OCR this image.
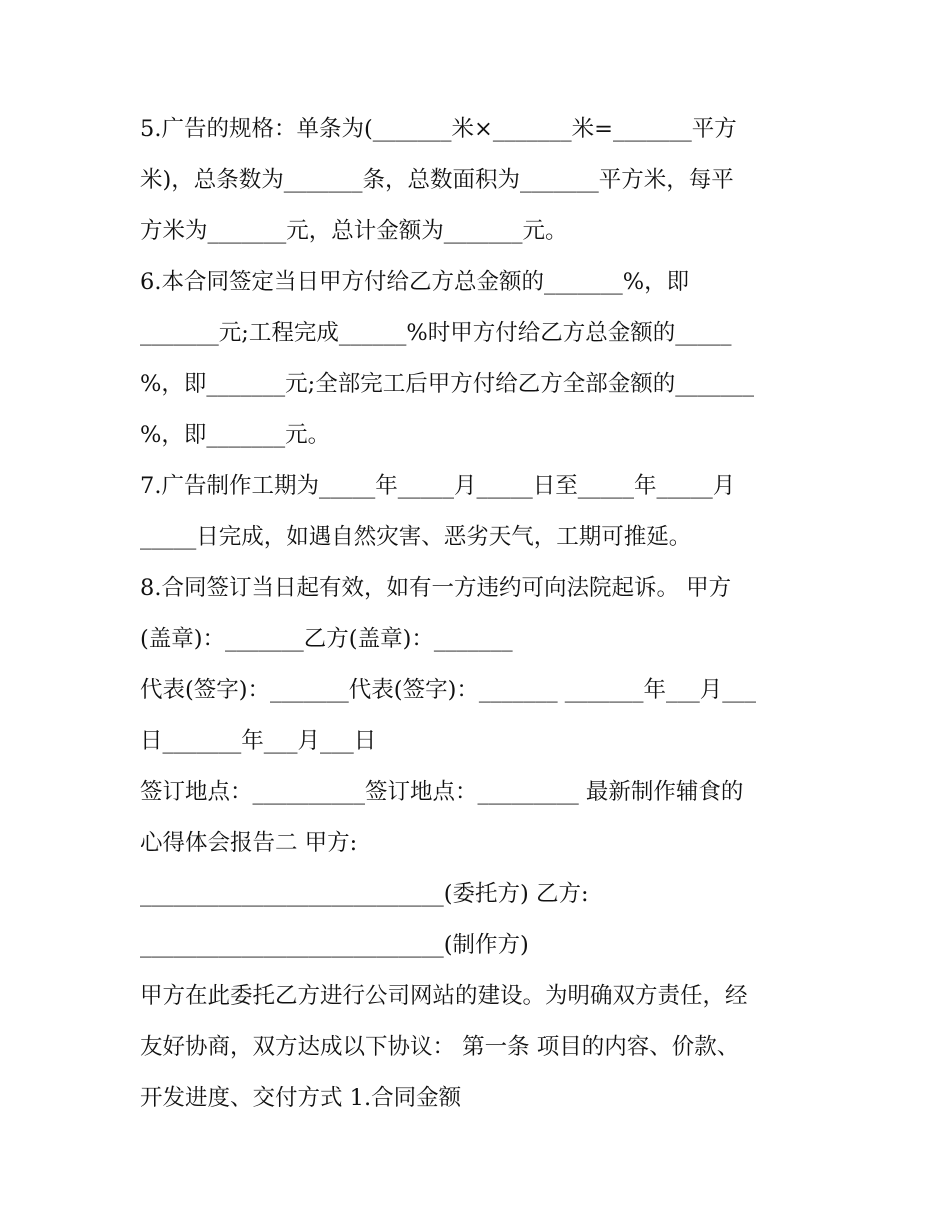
5.广告的规格：单条为(_______米×_______米=_______平方
米)，总条数为_______条，总数面积为_______平方米，每平
方米为_______元，总计金额为_______元。
6.本合同签定当日甲方付给乙方总金额的_______%，即
_______元;工程完成______%时甲方付给乙方总金额的_____
%，即_______元;全部完工后甲方付给乙方全部金额的_______
%，即_______元。
7.广告制作工期为_____年_____月_____日至_____年_____月
_____日完成，如遇自然灾害、恶劣天气，工期可推延。
8.合同签订当日起有效，如有一方违约可向法院起诉。 甲方
(盖章)：_______乙方(盖章)：_______
代表(签字)：_______代表(签字)：_______ _______年___月___
日_______年___月___日
签订地点：__________签订地点：_________ 最新制作辅食的
心得体会报告二 甲方:
___________________________(委托方) 乙方:
___________________________(制作方)
甲方在此委托乙方进行公司网站的建设。为明确双方责任，经
友好协商，双方达成以下协议： 第一条 项目的内容、价款、
开发进度、交付方式 1.合同金额
